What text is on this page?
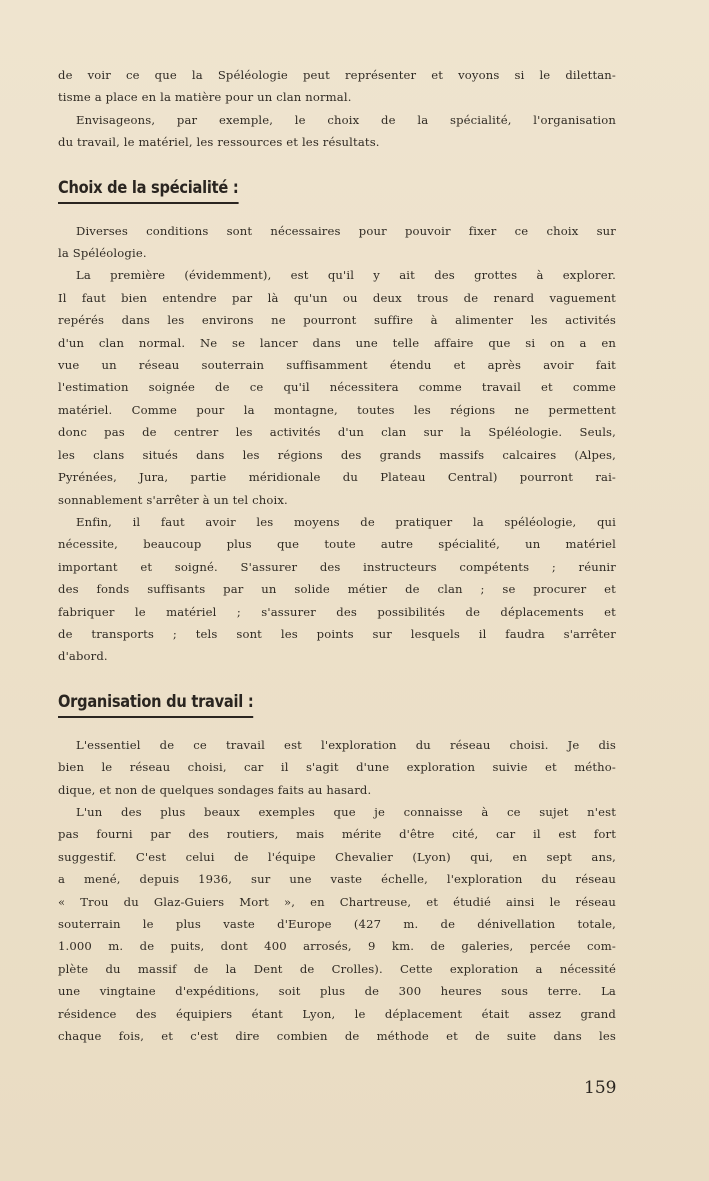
de voir ce que la Spéléologie peut représenter et voyons si le dilettan-
tisme a place en la matière pour un clan normal.

Envisageons, par exemple, le choix de la spécialité, l'organisation
du travail, le matériel, les ressources et les résultats.

Choix de la spécialité :

Diverses conditions sont nécessaires pour pouvoir fixer ce choix sur
la Spéléologie.

La première (évidemment), est qu'il y ait des grottes à explorer.
Il faut bien entendre par là qu'un ou deux trous de renard vaguement
repérés dans les environs ne pourront suffire à alimenter les activités
d'un clan normal. Ne se lancer dans une telle affaire que si on a en
vue un réseau souterrain suffisamment étendu et après avoir fait
l'estimation soignée de ce qu'il nécessitera comme travail et comme
matériel. Comme pour la montagne, toutes les régions ne permettent
donc pas de centrer les activités d'un clan sur la Spéléologie. Seuls,
les clans situés dans les régions des grands massifs calcaires (Alpes,
Pyrénées, Jura, partie méridionale du Plateau Central) pourront rai-
sonnablement s'arrêter à un tel choix.

Enfin, il faut avoir les moyens de pratiquer la spéléologie, qui
nécessite, beaucoup plus que toute autre spécialité, un matériel
important et soigné. S'assurer des instructeurs compétents ; réunir
des fonds suffisants par un solide métier de clan ; se procurer et
fabriquer le matériel ; s'assurer des possibilités de déplacements et
de transports ; tels sont les points sur lesquels il faudra s'arrêter
d'abord.

Organisation du travail :

L'essentiel de ce travail est l'exploration du réseau choisi. Je dis
bien le réseau choisi, car il s'agit d'une exploration suivie et métho-
dique, et non de quelques sondages faits au hasard.

L'un des plus beaux exemples que je connaisse à ce sujet n'est
pas fourni par des routiers, mais mérite d'être cité, car il est fort
suggestif. C'est celui de l'équipe Chevalier (Lyon) qui, en sept ans,
a mené, depuis 1936, sur une vaste échelle, l'exploration du réseau
« Trou du Glaz-Guiers Mort », en Chartreuse, et étudié ainsi le réseau
souterrain le plus vaste d'Europe (427 m. de dénivellation totale,
1.000 m. de puits, dont 400 arrosés, 9 km. de galeries, percée com-
plète du massif de la Dent de Crolles). Cette exploration a nécessité
une vingtaine d'expéditions, soit plus de 300 heures sous terre. La
résidence des équipiers étant Lyon, le déplacement était assez grand
chaque fois, et c'est dire combien de méthode et de suite dans les

159
